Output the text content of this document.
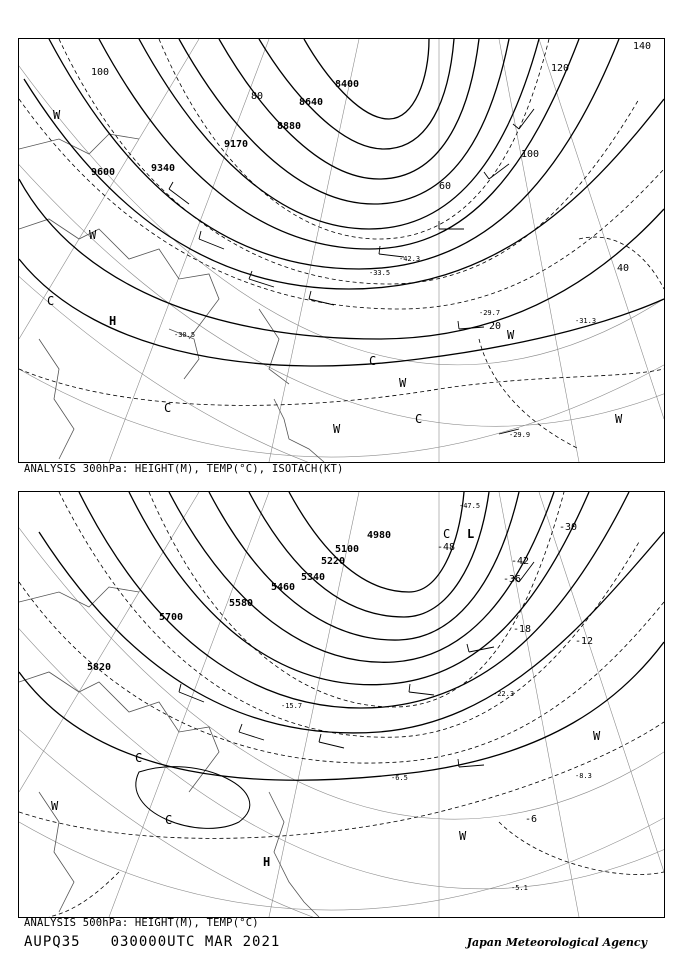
9600	9340
9170
8880
8640
8400
100
80
60
40
20
140
120
100
-31.3
-29.7
-29.9
-30.5
-33.5
-42.3
H
C
C
C
C
W
W
W
W
W
W
ANALYSIS 300hPa: HEIGHT(M), TEMP(°C), ISOTACH(KT)
5820
5700
5580
5460
5340
5220
5100
4980
-48
-42
-36
-30
-18
-12
-6
-5.1
-6.5	-8.3
-15.7
-22.3
-47.5
H
C
C
C
W
W
W
L
ANALYSIS 500hPa: HEIGHT(M), TEMP(°C)
AUPQ35 030000UTC MAR 2021	Japan Meteorological Agency
